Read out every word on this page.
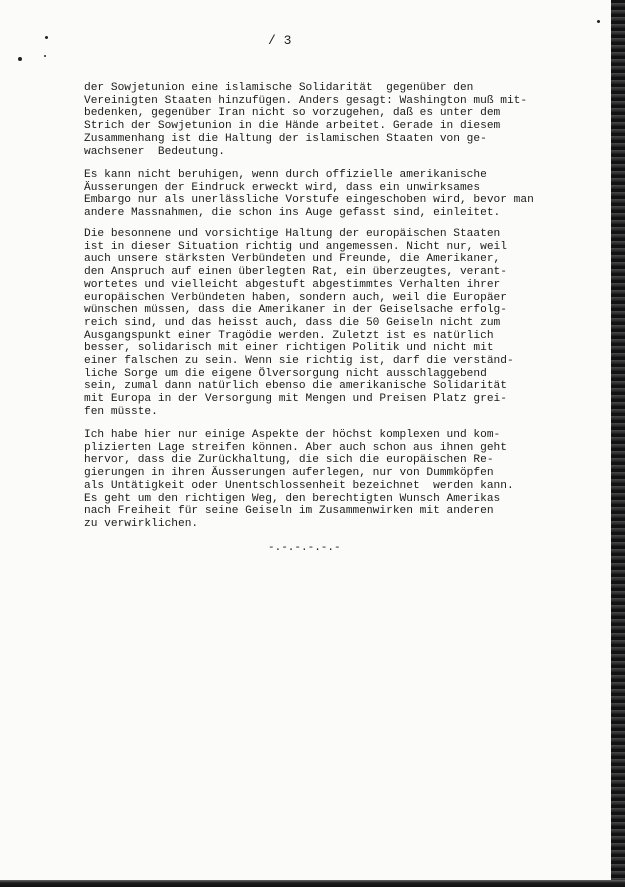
/ 3
der Sowjetunion eine islamische Solidarität  gegenüber den
Vereinigten Staaten hinzufügen. Anders gesagt: Washington muß mit-
bedenken, gegenüber Iran nicht so vorzugehen, daß es unter dem
Strich der Sowjetunion in die Hände arbeitet. Gerade in diesem
Zusammenhang ist die Haltung der islamischen Staaten von ge-
wachsener  Bedeutung.
Es kann nicht beruhigen, wenn durch offizielle amerikanische
Äusserungen der Eindruck erweckt wird, dass ein unwirksames
Embargo nur als unerlässliche Vorstufe eingeschoben wird, bevor man
andere Massnahmen, die schon ins Auge gefasst sind, einleitet.
Die besonnene und vorsichtige Haltung der europäischen Staaten
ist in dieser Situation richtig und angemessen. Nicht nur, weil
auch unsere stärksten Verbündeten und Freunde, die Amerikaner,
den Anspruch auf einen überlegten Rat, ein überzeugtes, verant-
wortetes und vielleicht abgestuft abgestimmtes Verhalten ihrer
europäischen Verbündeten haben, sondern auch, weil die Europäer
wünschen müssen, dass die Amerikaner in der Geiselsache erfolg-
reich sind, und das heisst auch, dass die 50 Geiseln nicht zum
Ausgangspunkt einer Tragödie werden. Zuletzt ist es natürlich
besser, solidarisch mit einer richtigen Politik und nicht mit
einer falschen zu sein. Wenn sie richtig ist, darf die verständ-
liche Sorge um die eigene Ölversorgung nicht ausschlaggebend
sein, zumal dann natürlich ebenso die amerikanische Solidarität
mit Europa in der Versorgung mit Mengen und Preisen Platz grei-
fen müsste.
Ich habe hier nur einige Aspekte der höchst komplexen und kom-
plizierten Lage streifen können. Aber auch schon aus ihnen geht
hervor, dass die Zurückhaltung, die sich die europäischen Re-
gierungen in ihren Äusserungen auferlegen, nur von Dummköpfen
als Untätigkeit oder Unentschlossenheit bezeichnet  werden kann.
Es geht um den richtigen Weg, den berechtigten Wunsch Amerikas
nach Freiheit für seine Geiseln im Zusammenwirken mit anderen
zu verwirklichen.
-.-.-.-.-.-
